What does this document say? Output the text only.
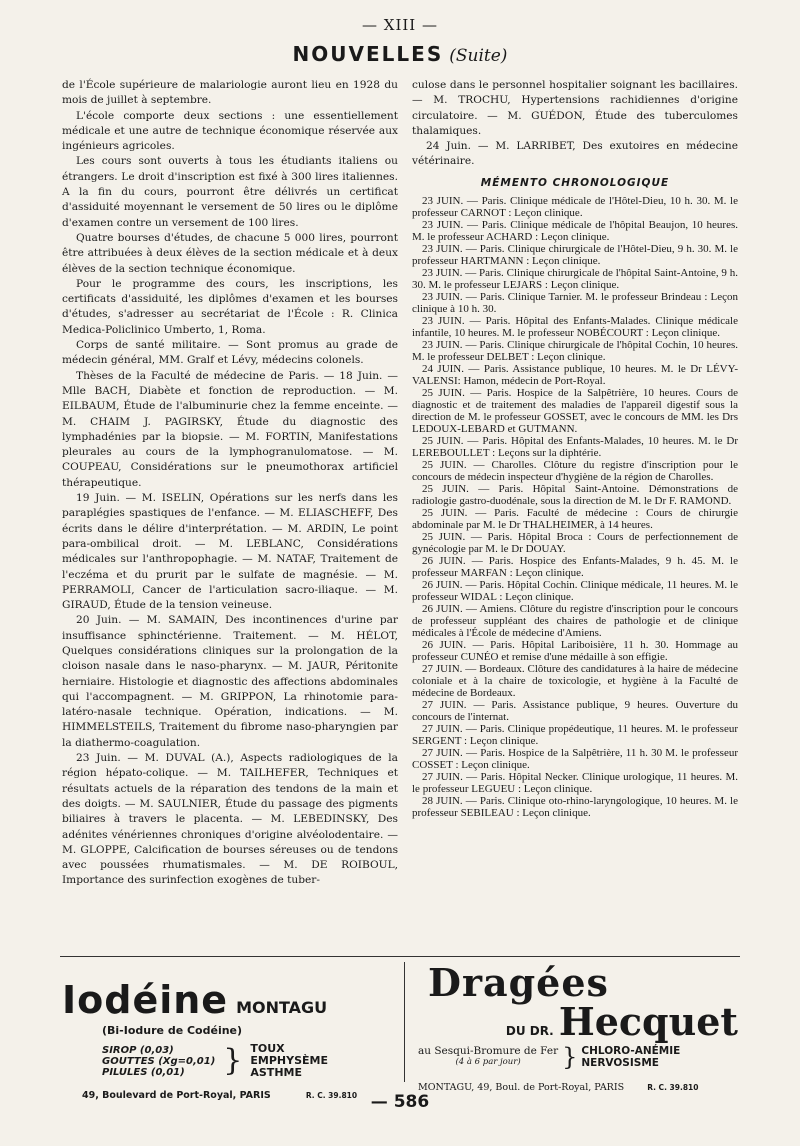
— XIII —
NOUVELLES (Suite)

de l'École supérieure de malariologie auront lieu en 1928 du mois de juillet à septembre.

L'école comporte deux sections : une essentiellement médicale et une autre de technique économique réservée aux ingénieurs agricoles.

Les cours sont ouverts à tous les étudiants italiens ou étrangers. Le droit d'inscription est fixé à 300 lires italiennes. A la fin du cours, pourront être délivrés un certificat d'assiduité moyennant le versement de 50 lires ou le diplôme d'examen contre un versement de 100 lires.

Quatre bourses d'études, de chacune 5 000 lires, pourront être attribuées à deux élèves de la section médicale et à deux élèves de la section technique économique.

Pour le programme des cours, les inscriptions, les certificats d'assiduité, les diplômes d'examen et les bourses d'études, s'adresser au secrétariat de l'École : R. Clinica Medica-Policlinico Umberto, 1, Roma.

Corps de santé militaire. — Sont promus au grade de médecin général, MM. Gralf et Lévy, médecins colonels.

Thèses de la Faculté de médecine de Paris. — 18 Juin. — Mlle BACH, Diabète et fonction de reproduction. — M. EILBAUM, Étude de l'albuminurie chez la femme enceinte. — M. CHAIM J. PAGIRSKY, Étude du diagnostic des lymphadénies par la biopsie. — M. FORTIN, Manifestations pleurales au cours de la lymphogranulomatose. — M. COUPEAU, Considérations sur le pneumothorax artificiel thérapeutique.

19 Juin. — M. ISELIN, Opérations sur les nerfs dans les paraplégies spastiques de l'enfance. — M. ELIASCHEFF, Des écrits dans le délire d'interprétation. — M. ARDIN, Le point para-ombilical droit. — M. LEBLANC, Considérations médicales sur l'anthropophagie. — M. NATAF, Traitement de l'eczéma et du prurit par le sulfate de magnésie. — M. PERRAMOLI, Cancer de l'articulation sacro-iliaque. — M. GIRAUD, Étude de la tension veineuse.

20 Juin. — M. SAMAIN, Des incontinences d'urine par insuffisance sphinctérienne. Traitement. — M. HÉLOT, Quelques considérations cliniques sur la prolongation de la cloison nasale dans le naso-pharynx. — M. JAUR, Péritonite herniaire. Histologie et diagnostic des affections abdominales qui l'accompagnent. — M. GRIPPON, La rhinotomie para-latéro-nasale technique. Opération, indications. — M. HIMMELSTEILS, Traitement du fibrome naso-pharyngien par la diathermo-coagulation.

23 Juin. — M. DUVAL (A.), Aspects radiologiques de la région hépato-colique. — M. TAILHEFER, Techniques et résultats actuels de la réparation des tendons de la main et des doigts. — M. SAULNIER, Étude du passage des pigments biliaires à travers le placenta. — M. LEBEDINSKY, Des adénites vénériennes chroniques d'origine alvéolodentaire. — M. GLOPPE, Calcification de bourses séreuses ou de tendons avec poussées rhumatismales. — M. DE ROIBOUL, Importance des surinfection exogènes de tuber-

culose dans le personnel hospitalier soignant les bacillaires. — M. TROCHU, Hypertensions rachidiennes d'origine circulatoire. — M. GUÉDON, Étude des tuberculomes thalamiques.

24 Juin. — M. LARRIBET, Des exutoires en médecine vétérinaire.

MÉMENTO CHRONOLOGIQUE

23 JUIN. — Paris. Clinique médicale de l'Hôtel-Dieu, 10 h. 30. M. le professeur CARNOT : Leçon clinique.

23 JUIN. — Paris. Clinique médicale de l'hôpital Beaujon, 10 heures. M. le professeur ACHARD : Leçon clinique.

23 JUIN. — Paris. Clinique chirurgicale de l'Hôtel-Dieu, 9 h. 30. M. le professeur HARTMANN : Leçon clinique.

23 JUIN. — Paris. Clinique chirurgicale de l'hôpital Saint-Antoine, 9 h. 30. M. le professeur LEJARS : Leçon clinique.

23 JUIN. — Paris. Clinique Tarnier. M. le professeur Brindeau : Leçon clinique à 10 h. 30.

23 JUIN. — Paris. Hôpital des Enfants-Malades. Clinique médicale infantile, 10 heures. M. le professeur NOBÉCOURT : Leçon clinique.

23 JUIN. — Paris. Clinique chirurgicale de l'hôpital Cochin, 10 heures. M. le professeur DELBET : Leçon clinique.

24 JUIN. — Paris. Assistance publique, 10 heures. M. le Dr LÉVY-VALENSI: Hamon, médecin de Port-Royal.

25 JUIN. — Paris. Hospice de la Salpêtrière, 10 heures. Cours de diagnostic et de traitement des maladies de l'appareil digestif sous la direction de M. le professeur GOSSET, avec le concours de MM. les Drs LEDOUX-LEBARD et GUTMANN.

25 JUIN. — Paris. Hôpital des Enfants-Malades, 10 heures. M. le Dr LEREBOULLET : Leçons sur la diphtérie.

25 JUIN. — Charolles. Clôture du registre d'inscription pour le concours de médecin inspecteur d'hygiène de la région de Charolles.

25 JUIN. — Paris. Hôpital Saint-Antoine. Démonstrations de radiologie gastro-duodénale, sous la direction de M. le Dr F. RAMOND.

25 JUIN. — Paris. Faculté de médecine : Cours de chirurgie abdominale par M. le Dr THALHEIMER, à 14 heures.

25 JUIN. — Paris. Hôpital Broca : Cours de perfectionnement de gynécologie par M. le Dr DOUAY.

26 JUIN. — Paris. Hospice des Enfants-Malades, 9 h. 45. M. le professeur MARFAN : Leçon clinique.

26 JUIN. — Paris. Hôpital Cochin. Clinique médicale, 11 heures. M. le professeur WIDAL : Leçon clinique.

26 JUIN. — Amiens. Clôture du registre d'inscription pour le concours de professeur suppléant des chaires de pathologie et de clinique médicales à l'École de médecine d'Amiens.

26 JUIN. — Paris. Hôpital Lariboisière, 11 h. 30. Hommage au professeur CUNÉO et remise d'une médaille à son effigie.

27 JUIN. — Bordeaux. Clôture des candidatures à la haire de médecine coloniale et à la chaire de toxicologie, et hygiène à la Faculté de médecine de Bordeaux.

27 JUIN. — Paris. Assistance publique, 9 heures. Ouverture du concours de l'internat.

27 JUIN. — Paris. Clinique propédeutique, 11 heures. M. le professeur SERGENT : Leçon clinique.

27 JUIN. — Paris. Hospice de la Salpêtrière, 11 h. 30 M. le professeur COSSET : Leçon clinique.

27 JUIN. — Paris. Hôpital Necker. Clinique urologique, 11 heures. M. le professeur LEGUEU : Leçon clinique.

28 JUIN. — Paris. Clinique oto-rhino-laryngologique, 10 heures. M. le professeur SEBILEAU : Leçon clinique.

Iodéine MONTAGU
(Bi-Iodure de Codéine)
SIROP (0,03)
GOUTTES (Xg=0,01)
PILULES (0,01)	} TOUX
EMPHYSÈME
ASTHME
49, Boulevard de Port-Royal, PARIS	R. C. 39.810
Dragées
DU DR. Hecquet
au Sesqui-Bromure de Fer
(4 à 6 par jour)	} CHLORO-ANÉMIE
NERVOSISME
MONTAGU, 49, Boul. de Port-Royal, PARIS	R. C. 39.810
— 586
